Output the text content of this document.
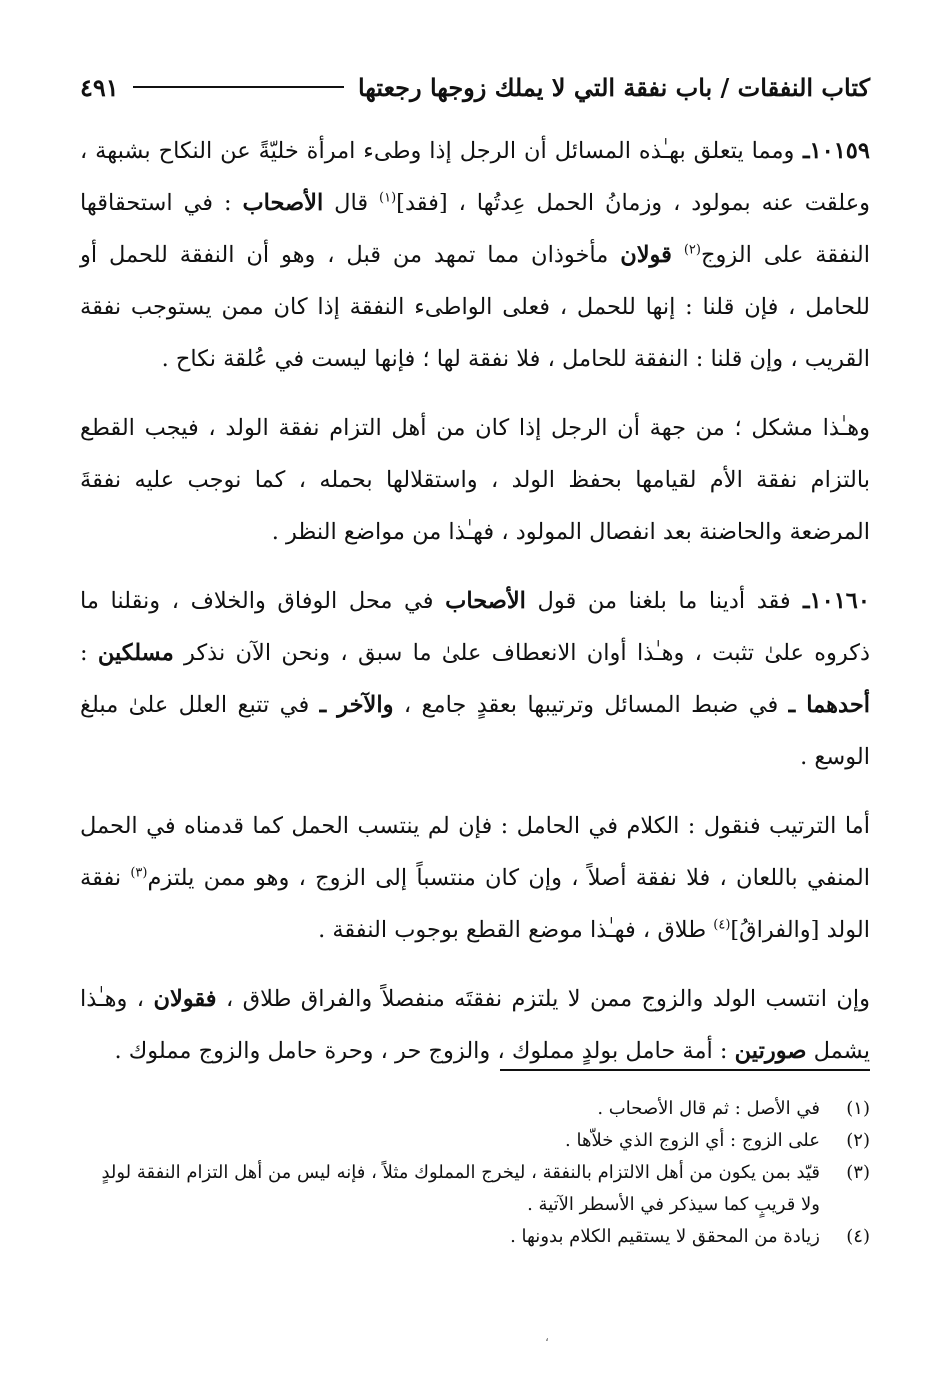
كتاب النفقات / باب نفقة التي لا يملك زوجها رجعتها
٤٩١

١٠١٥٩ـ ومما يتعلق بهـٰذه المسائل أن الرجل إذا وطىء امرأة خليّةً عن النكاح بشبهة ، وعلقت عنه بمولود ، وزمانُ الحمل عِدتُها ، [فقد]$^{(١)}$ قال الأصحاب : في استحقاقها النفقة على الزوج$^{(٢)}$ قولان مأخوذان مما تمهد من قبل ، وهو أن النفقة للحمل أو للحامل ، فإن قلنا : إنها للحمل ، فعلى الواطىء النفقة إذا كان ممن يستوجب نفقة القريب ، وإن قلنا : النفقة للحامل ، فلا نفقة لها ؛ فإنها ليست في عُلقة نكاح .

وهـٰذا مشكل ؛ من جهة أن الرجل إذا كان من أهل التزام نفقة الولد ، فيجب القطع بالتزام نفقة الأم لقيامها بحفظ الولد ، واستقلالها بحمله ، كما نوجب عليه نفقةَ المرضعة والحاضنة بعد انفصال المولود ، فهـٰذا من مواضع النظر .

١٠١٦٠ـ فقد أدينا ما بلغنا من قول الأصحاب في محل الوفاق والخلاف ، ونقلنا ما ذكروه علىٰ تثبت ، وهـٰذا أوان الانعطاف علىٰ ما سبق ، ونحن الآن نذكر مسلكين : أحدهما ـ في ضبط المسائل وترتيبها بعقدٍ جامع ، والآخر ـ في تتبع العلل علىٰ مبلغ الوسع .

أما الترتيب فنقول : الكلام في الحامل : فإن لم ينتسب الحمل كما قدمناه في الحمل المنفي باللعان ، فلا نفقة أصلاً ، وإن كان منتسباً إلى الزوج ، وهو ممن يلتزم$^{(٣)}$ نفقة الولد [والفراقُ]$^{(٤)}$ طلاق ، فهـٰذا موضع القطع بوجوب النفقة .

وإن انتسب الولد والزوج ممن لا يلتزم نفقتَه منفصلاً والفراق طلاق ، فقولان ، وهـٰذا يشمل صورتين : أمة حامل بولدٍ مملوك ، والزوج حر ، وحرة حامل والزوج مملوك .

(١)
في الأصل : ثم قال الأصحاب .
(٢)
على الزوج : أي الزوج الذي خلاّها .
(٣)
قيّد بمن يكون من أهل الالتزام بالنفقة ، ليخرج المملوك مثلاً ، فإنه ليس من أهل التزام النفقة لولدٍ ولا قريبٍ كما سيذكر في الأسطر الآتية .
(٤)
زيادة من المحقق لا يستقيم الكلام بدونها .
،
